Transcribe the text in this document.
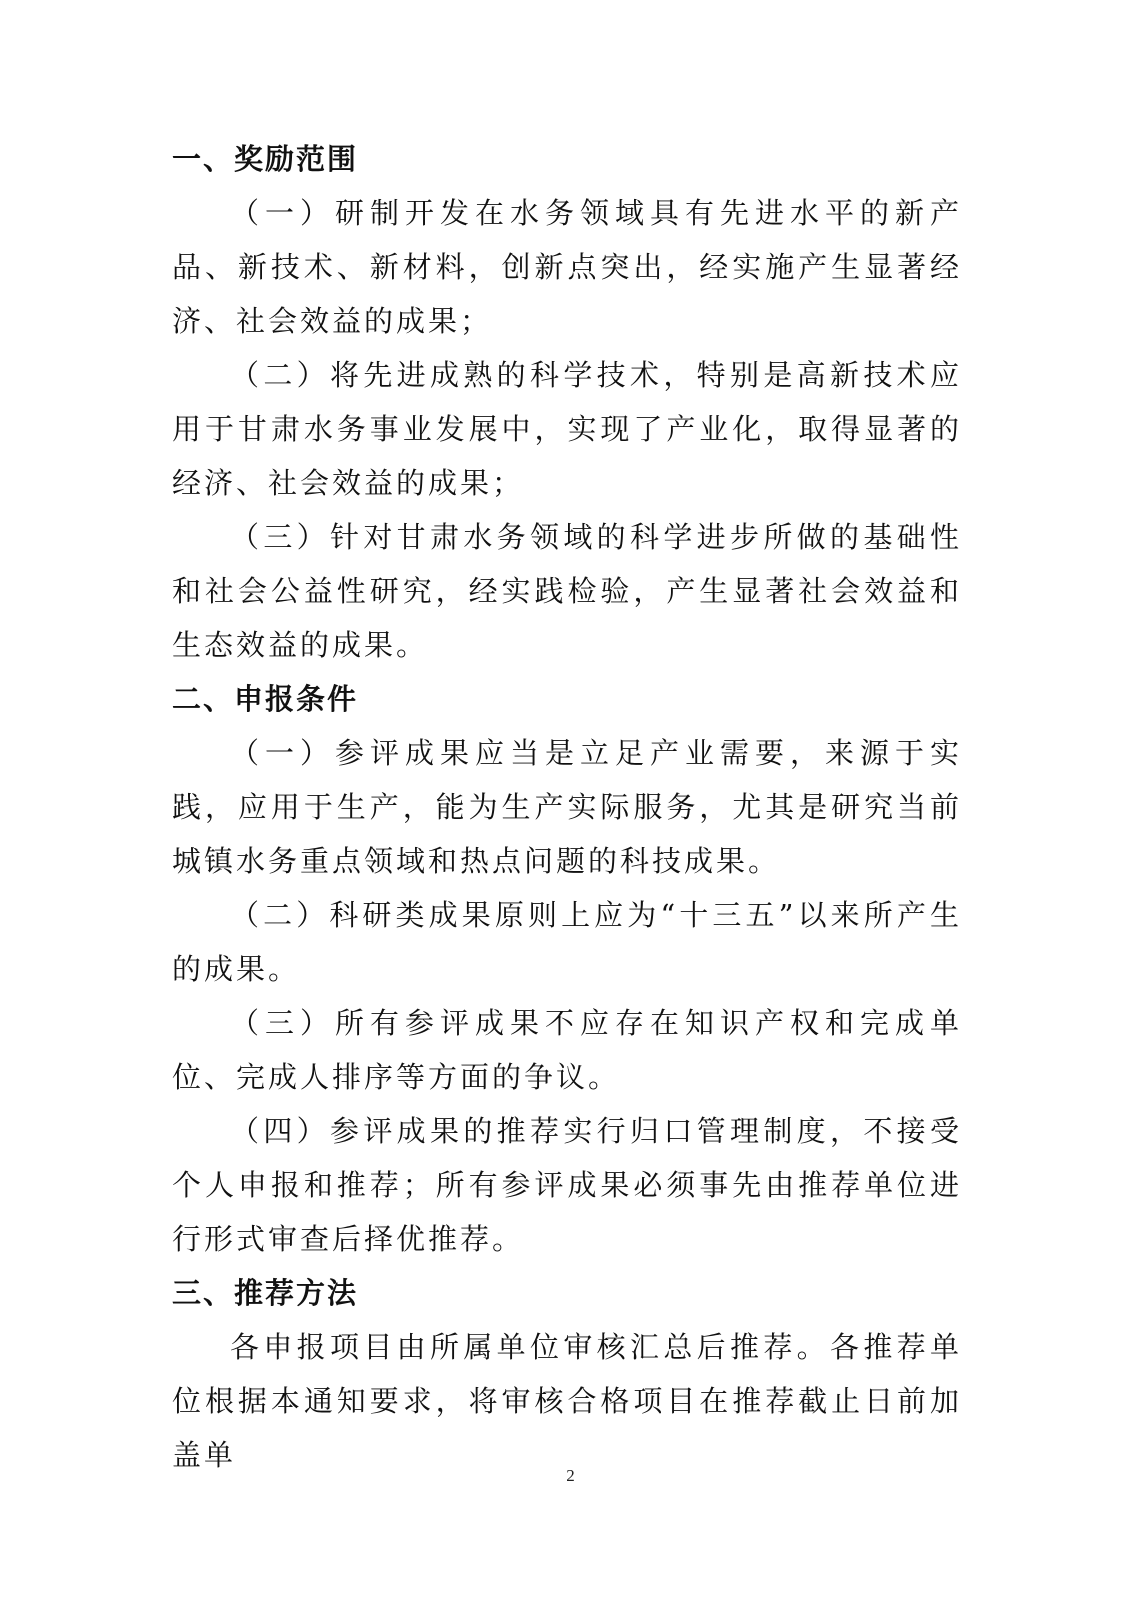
一、奖励范围

（一）研制开发在水务领域具有先进水平的新产品、新技术、新材料，创新点突出，经实施产生显著经济、社会效益的成果；

（二）将先进成熟的科学技术，特别是高新技术应用于甘肃水务事业发展中，实现了产业化，取得显著的经济、社会效益的成果；

（三）针对甘肃水务领域的科学进步所做的基础性和社会公益性研究，经实践检验，产生显著社会效益和生态效益的成果。

二、申报条件

（一）参评成果应当是立足产业需要，来源于实践，应用于生产，能为生产实际服务，尤其是研究当前城镇水务重点领域和热点问题的科技成果。

（二）科研类成果原则上应为“十三五”以来所产生的成果。

（三）所有参评成果不应存在知识产权和完成单位、完成人排序等方面的争议。

（四）参评成果的推荐实行归口管理制度，不接受个人申报和推荐；所有参评成果必须事先由推荐单位进行形式审查后择优推荐。

三、推荐方法

各申报项目由所属单位审核汇总后推荐。各推荐单位根据本通知要求，将审核合格项目在推荐截止日前加盖单

2
